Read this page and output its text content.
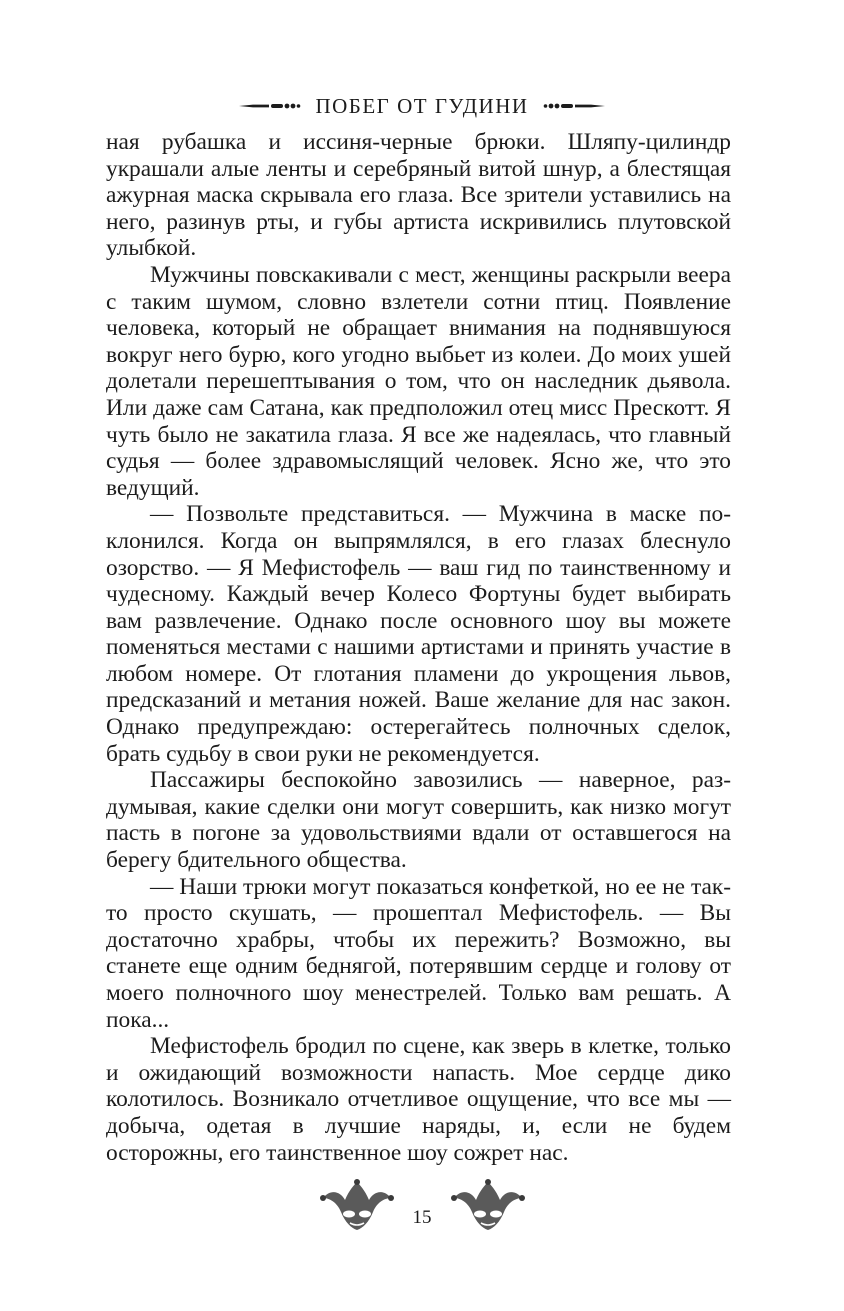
ПОБЕГ ОТ ГУДИНИ

ная рубашка и иссиня-черные брюки. Шляпу-цилиндр украшали алые ленты и серебряный витой шнур, а блестящая ажурная маска скрывала его глаза. Все зрители уставились на него, разинув рты, и губы артиста искривились плутовской улыбкой.

Мужчины повскакивали с мест, женщины раскрыли веера с таким шумом, словно взлетели сотни птиц. Появление человека, который не обращает внимания на поднявшуюся вокруг него бурю, кого угодно выбьет из колеи. До моих ушей долетали перешептывания о том, что он наследник дьявола. Или даже сам Сатана, как предположил отец мисс Прескотт. Я чуть было не закатила глаза. Я все же надеялась, что главный судья — более здравомыслящий человек. Ясно же, что это ведущий.

— Позвольте представиться. — Мужчина в маске поклонился. Когда он выпрямлялся, в его глазах блеснуло озорство. — Я Мефистофель — ваш гид по таинственному и чудесному. Каждый вечер Колесо Фортуны будет выбирать вам развлечение. Однако после основного шоу вы можете поменяться местами с нашими артистами и принять участие в любом номере. От глотания пламени до укрощения львов, предсказаний и метания ножей. Ваше желание для нас закон. Однако предупреждаю: остерегайтесь полночных сделок, брать судьбу в свои руки не рекомендуется.

Пассажиры беспокойно завозились — наверное, раздумывая, какие сделки они могут совершить, как низко могут пасть в погоне за удовольствиями вдали от оставшегося на берегу бдительного общества.

— Наши трюки могут показаться конфеткой, но ее не так-то просто скушать, — прошептал Мефистофель. — Вы достаточно храбры, чтобы их пережить? Возможно, вы станете еще одним беднягой, потерявшим сердце и голову от моего полночного шоу менестрелей. Только вам решать. А пока...

Мефистофель бродил по сцене, как зверь в клетке, только и ожидающий возможности напасть. Мое сердце дико колотилось. Возникало отчетливое ощущение, что все мы — добыча, одетая в лучшие наряды, и, если не будем осторожны, его таинственное шоу сожрет нас.

15
